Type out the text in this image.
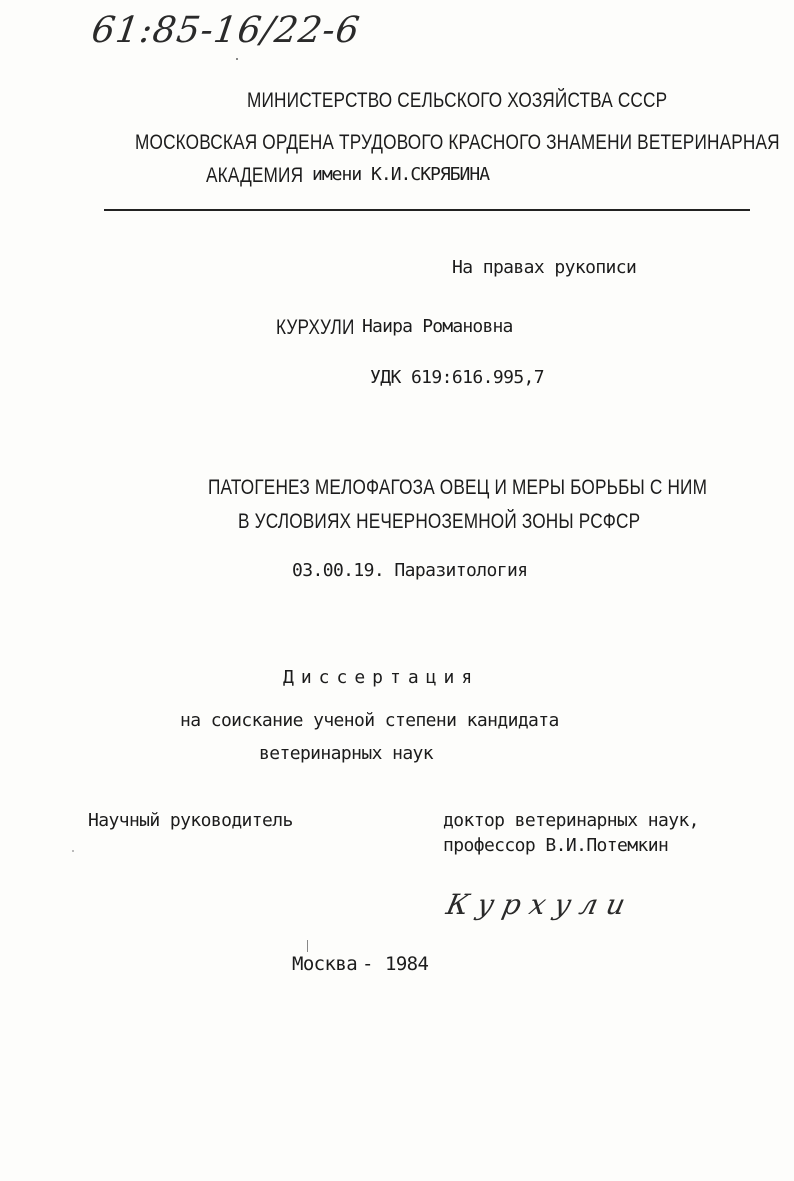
61:85-16/22-6
МИНИСТЕРСТВО СЕЛЬСКОГО ХОЗЯЙСТВА СССР
МОСКОВСКАЯ ОРДЕНА ТРУДОВОГО КРАСНОГО ЗНАМЕНИ ВЕТЕРИНАРНАЯ
АКАДЕМИЯ имени К.И.СКРЯБИНА
На правах рукописи
КУРХУЛИ Наира Романовна
УДК 619:616.995,7
ПАТОГЕНЕЗ МЕЛОФАГОЗА ОВЕЦ И МЕРЫ БОРЬБЫ С НИМ
В УСЛОВИЯХ НЕЧЕРНОЗЕМНОЙ ЗОНЫ РСФСР
03.00.19. Паразитология
Диссертация
на соискание ученой степени кандидата
ветеринарных наук
Научный руководитель	доктор ветеринарных наук,
профессор В.И.Потемкин
Курхули
Москва - 1984
